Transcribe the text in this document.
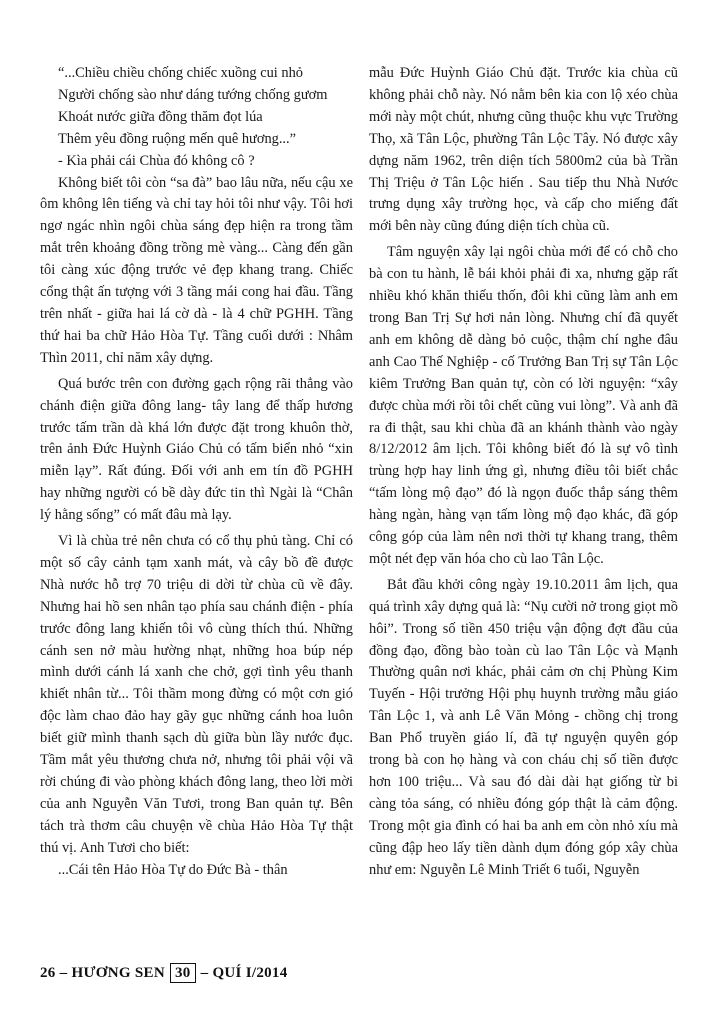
“...Chiều chiều chống chiếc xuồng cui nhỏ

Người chống sào như dáng tướng chống gươm

Khoát nước giữa đồng thăm đọt lúa

Thêm yêu đồng ruộng mến quê hương...”

- Kìa phải cái Chùa đó không cô ?

Không biết tôi còn “sa đà” bao lâu nữa, nếu cậu xe ôm không lên tiếng và chỉ tay hỏi tôi như vậy. Tôi hơi ngơ ngác nhìn ngôi chùa sáng đẹp hiện ra trong tầm mắt trên khoảng đồng trồng mè vàng... Càng đến gần tôi càng xúc động trước vẻ đẹp khang trang. Chiếc cổng thật ấn tượng với 3 tầng mái cong hai đầu. Tầng trên nhất - giữa hai lá cờ dà - là 4 chữ PGHH. Tầng thứ hai ba chữ Hảo Hòa Tự. Tầng cuối dưới : Nhâm Thìn 2011, chỉ năm xây dựng.

Quá bước trên con đường gạch rộng rãi thẳng vào chánh điện giữa đông lang- tây lang để thấp hương trước tấm trần dà khá lớn được đặt trong khuôn thờ, trên ảnh Đức Huỳnh Giáo Chủ có tấm biển nhỏ “xin miễn lạy”. Rất đúng. Đối với anh em tín đồ PGHH hay những người có bề dày đức tin thì Ngài là “Chân lý hằng sống” có mất đâu mà lạy.

Vì là chùa trẻ nên chưa có cổ thụ phủ tàng. Chỉ có một số cây cảnh tạm xanh mát, và cây bồ đề được Nhà nước hỗ trợ 70 triệu di dời từ chùa cũ về đây. Nhưng hai hồ sen nhân tạo phía sau chánh điện - phía trước đông lang khiến tôi vô cùng thích thú. Những cánh sen nở màu hường nhạt, những hoa búp nép mình dưới cánh lá xanh che chở, gợi tình yêu thanh khiết nhân từ... Tôi thầm mong đừng có một cơn gió độc làm chao đảo hay gãy gục những cánh hoa luôn biết giữ mình thanh sạch dù giữa bùn lầy nước đục. Tầm mắt yêu thương chưa nở, nhưng tôi phải vội vã rời chúng đi vào phòng khách đông lang, theo lời mời của anh Nguyễn Văn Tươi, trong Ban quản tự. Bên tách trà thơm câu chuyện về chùa Hảo Hòa Tự thật thú vị. Anh Tươi cho biết:

...Cái tên Hảo Hòa Tự do Đức Bà - thân

mẫu Đức Huỳnh Giáo Chủ đặt. Trước kia chùa cũ không phải chỗ này. Nó nằm bên kia con lộ xéo chùa mới này một chút, nhưng cũng thuộc khu vực Trường Thọ, xã Tân Lộc, phường Tân Lộc Tây. Nó được xây dựng năm 1962, trên diện tích 5800m2 của bà Trần Thị Triệu ở Tân Lộc hiến . Sau tiếp thu Nhà Nước trưng dụng xây trường học, và cấp cho miếng đất mới bên này cũng đúng diện tích chùa cũ.

Tâm nguyện xây lại ngôi chùa mới để có chỗ cho bà con tu hành, lễ bái khỏi phải đi xa, nhưng gặp rất nhiều khó khăn thiếu thốn, đôi khi cũng làm anh em trong Ban Trị Sự hơi nản lòng. Nhưng chí đã quyết anh em không dễ dàng bỏ cuộc, thậm chí nghe đâu anh Cao Thế Nghiệp - cố Trưởng Ban Trị sự Tân Lộc kiêm Trưởng Ban quản tự, còn có lời nguyện: “xây được chùa mới rồi tôi chết cũng vui lòng”. Và anh đã ra đi thật, sau khi chùa đã an khánh thành vào ngày 8/12/2012 âm lịch. Tôi không biết đó là sự vô tình trùng hợp hay linh ứng gì, nhưng điều tôi biết chắc “tấm lòng mộ đạo” đó là ngọn đuốc thắp sáng thêm hàng ngàn, hàng vạn tấm lòng mộ đạo khác, đã góp công góp của làm nên nơi thời tự khang trang, thêm một nét đẹp văn hóa cho cù lao Tân Lộc.

Bắt đầu khởi công ngày 19.10.2011 âm lịch, qua quá trình xây dựng quả là: “Nụ cười nở trong giọt mồ hôi”. Trong số tiền 450 triệu vận động đợt đầu của đồng đạo, đồng bào toàn cù lao Tân Lộc và Mạnh Thường quân nơi khác, phải cảm ơn chị Phùng Kim Tuyến - Hội trưởng Hội phụ huynh trường mẫu giáo Tân Lộc 1, và anh Lê Văn Mỏng - chồng chị trong Ban Phổ truyền giáo lí, đã tự nguyện quyên góp trong bà con họ hàng và con cháu chị số tiền được hơn 100 triệu... Và sau đó dài dài hạt giống từ bi càng tỏa sáng, có nhiều đóng góp thật là cảm động. Trong một gia đình có hai ba anh em còn nhỏ xíu mà cũng đập heo lấy tiền dành dụm đóng góp xây chùa như em: Nguyễn Lê Minh Triết 6 tuổi, Nguyễn

26
–
HƯƠNG SEN 30 –
QUÍ I/2014
